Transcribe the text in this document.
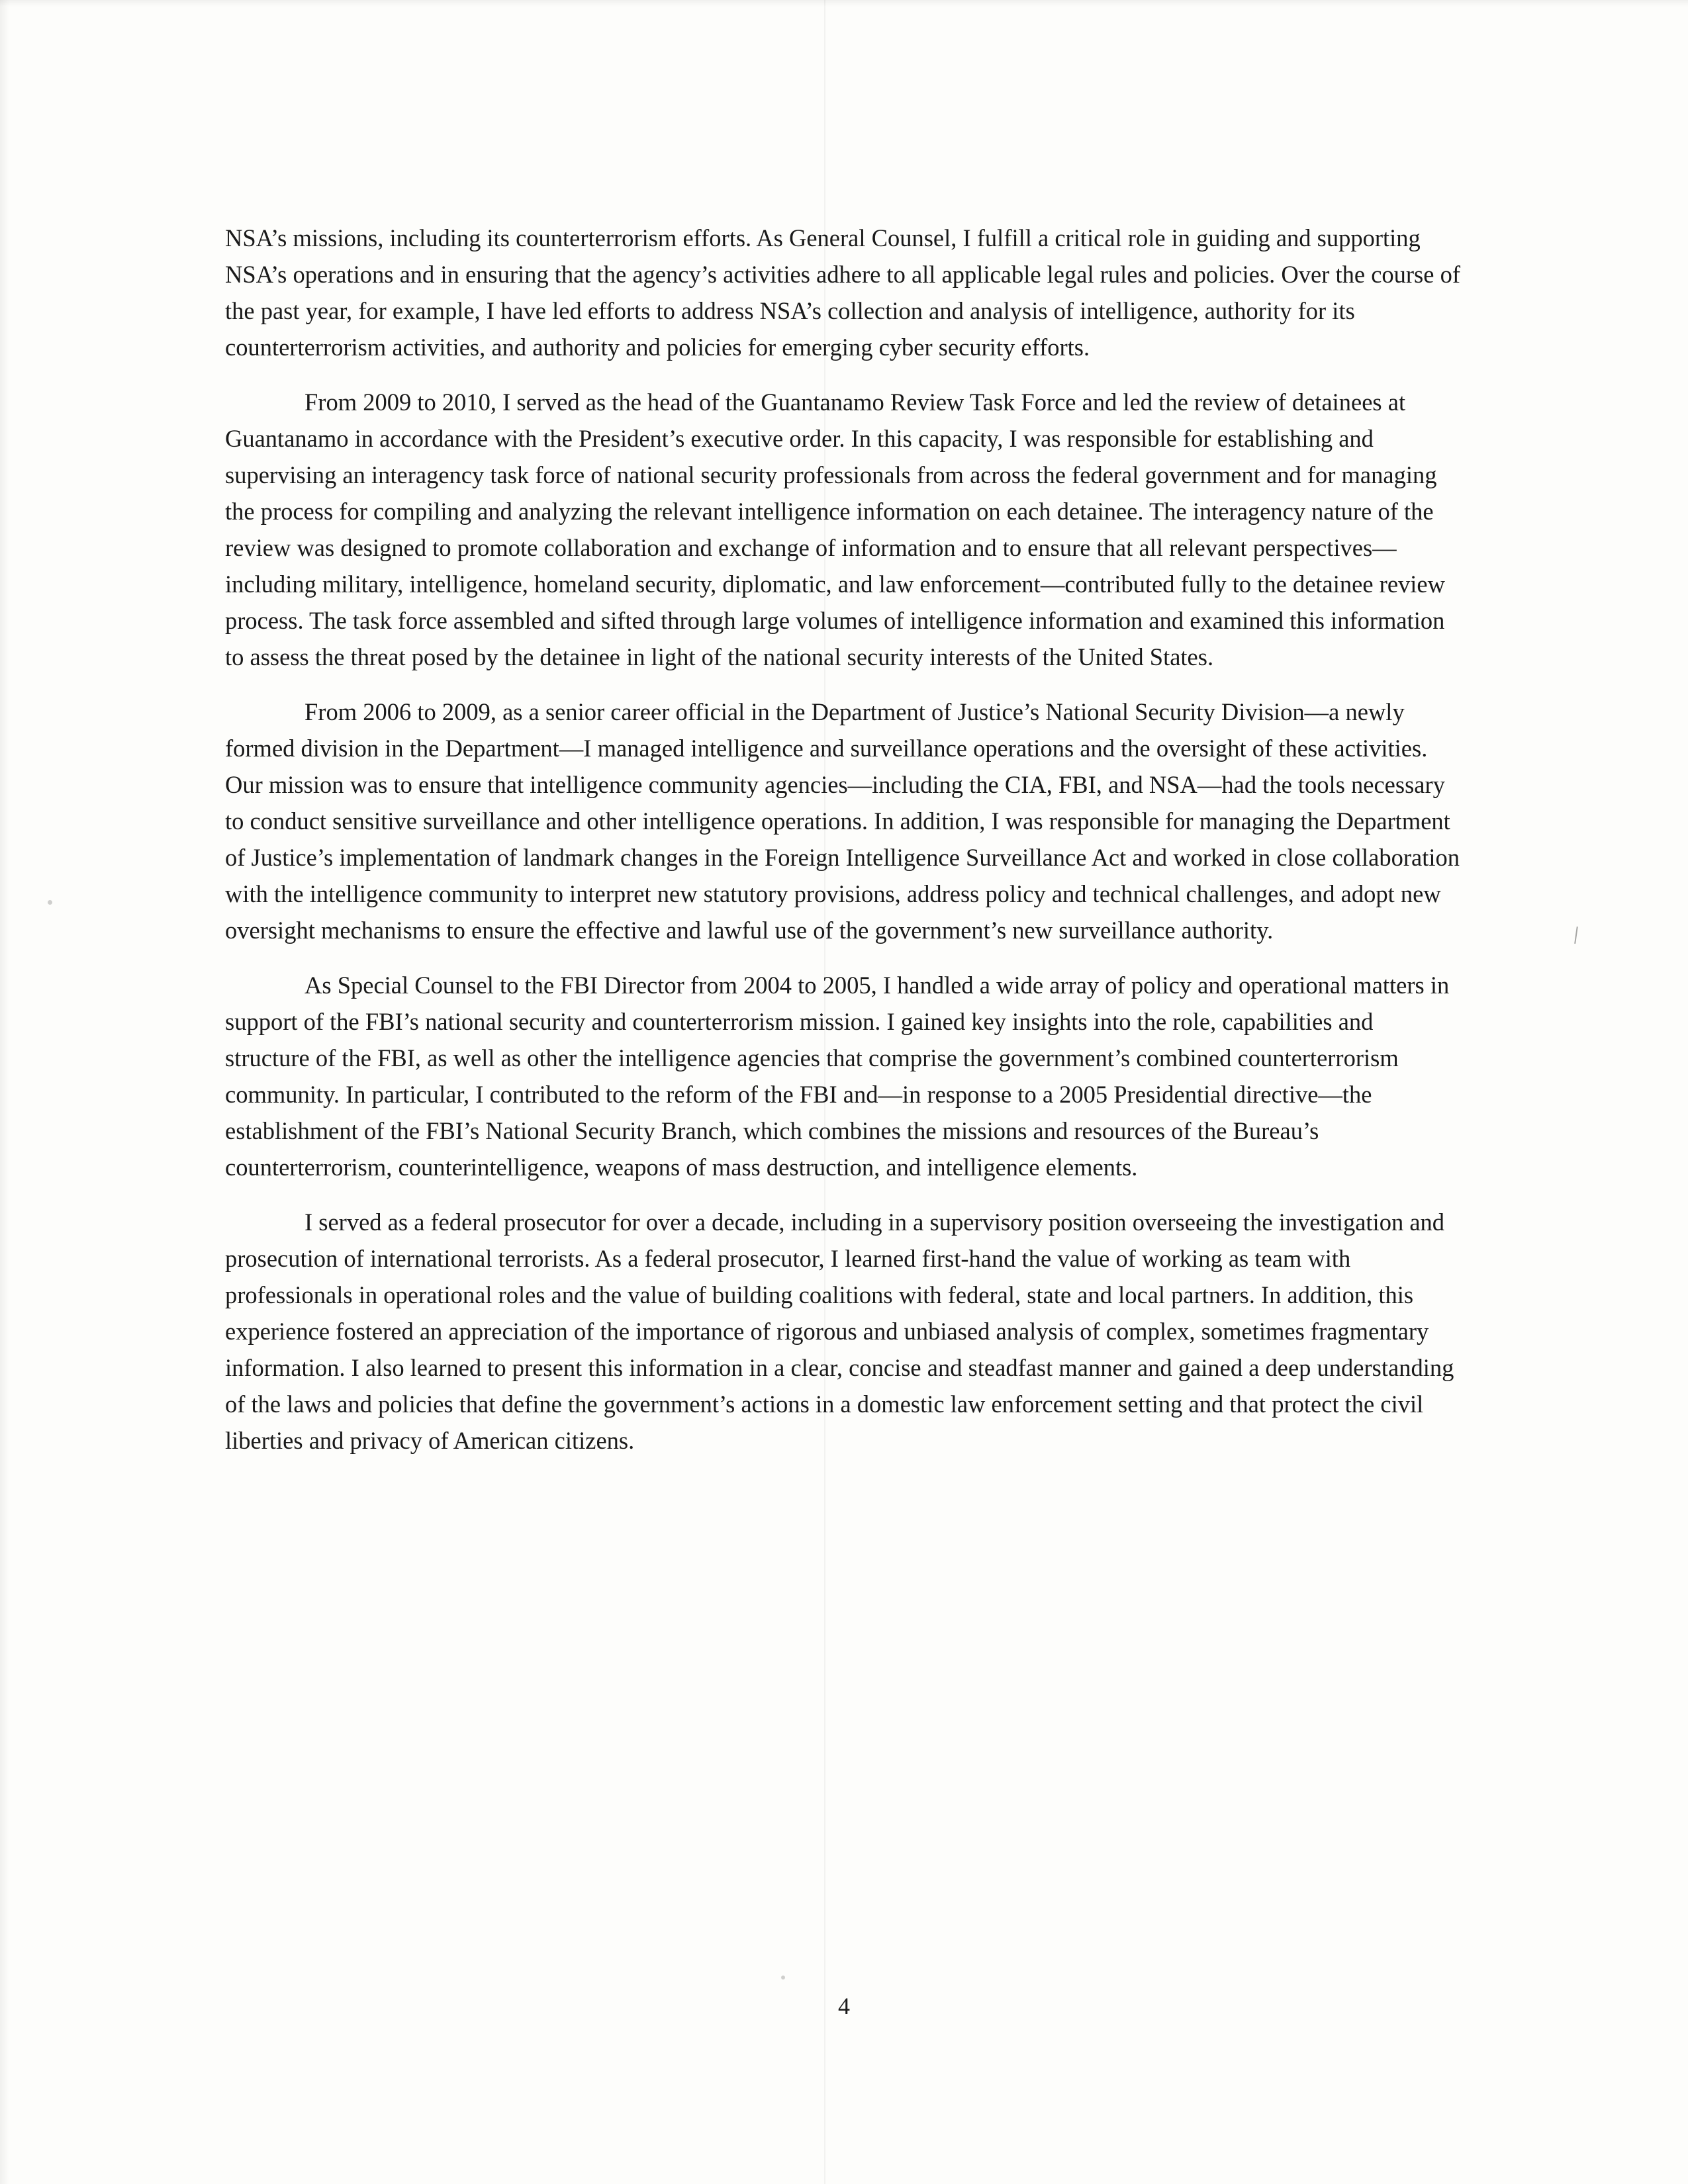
NSA’s missions, including its counterterrorism efforts. As General Counsel, I fulfill a critical role in guiding and supporting NSA’s operations and in ensuring that the agency’s activities adhere to all applicable legal rules and policies. Over the course of the past year, for example, I have led efforts to address NSA’s collection and analysis of intelligence, authority for its counterterrorism activities, and authority and policies for emerging cyber security efforts.

From 2009 to 2010, I served as the head of the Guantanamo Review Task Force and led the review of detainees at Guantanamo in accordance with the President’s executive order. In this capacity, I was responsible for establishing and supervising an interagency task force of national security professionals from across the federal government and for managing the process for compiling and analyzing the relevant intelligence information on each detainee. The interagency nature of the review was designed to promote collaboration and exchange of information and to ensure that all relevant perspectives—including military, intelligence, homeland security, diplomatic, and law enforcement—contributed fully to the detainee review process. The task force assembled and sifted through large volumes of intelligence information and examined this information to assess the threat posed by the detainee in light of the national security interests of the United States.

From 2006 to 2009, as a senior career official in the Department of Justice’s National Security Division—a newly formed division in the Department—I managed intelligence and surveillance operations and the oversight of these activities. Our mission was to ensure that intelligence community agencies—including the CIA, FBI, and NSA—had the tools necessary to conduct sensitive surveillance and other intelligence operations. In addition, I was responsible for managing the Department of Justice’s implementation of landmark changes in the Foreign Intelligence Surveillance Act and worked in close collaboration with the intelligence community to interpret new statutory provisions, address policy and technical challenges, and adopt new oversight mechanisms to ensure the effective and lawful use of the government’s new surveillance authority.

As Special Counsel to the FBI Director from 2004 to 2005, I handled a wide array of policy and operational matters in support of the FBI’s national security and counterterrorism mission. I gained key insights into the role, capabilities and structure of the FBI, as well as other the intelligence agencies that comprise the government’s combined counterterrorism community. In particular, I contributed to the reform of the FBI and—in response to a 2005 Presidential directive—the establishment of the FBI’s National Security Branch, which combines the missions and resources of the Bureau’s counterterrorism, counterintelligence, weapons of mass destruction, and intelligence elements.

I served as a federal prosecutor for over a decade, including in a supervisory position overseeing the investigation and prosecution of international terrorists. As a federal prosecutor, I learned first-hand the value of working as team with professionals in operational roles and the value of building coalitions with federal, state and local partners. In addition, this experience fostered an appreciation of the importance of rigorous and unbiased analysis of complex, sometimes fragmentary information. I also learned to present this information in a clear, concise and steadfast manner and gained a deep understanding of the laws and policies that define the government’s actions in a domestic law enforcement setting and that protect the civil liberties and privacy of American citizens.

4
